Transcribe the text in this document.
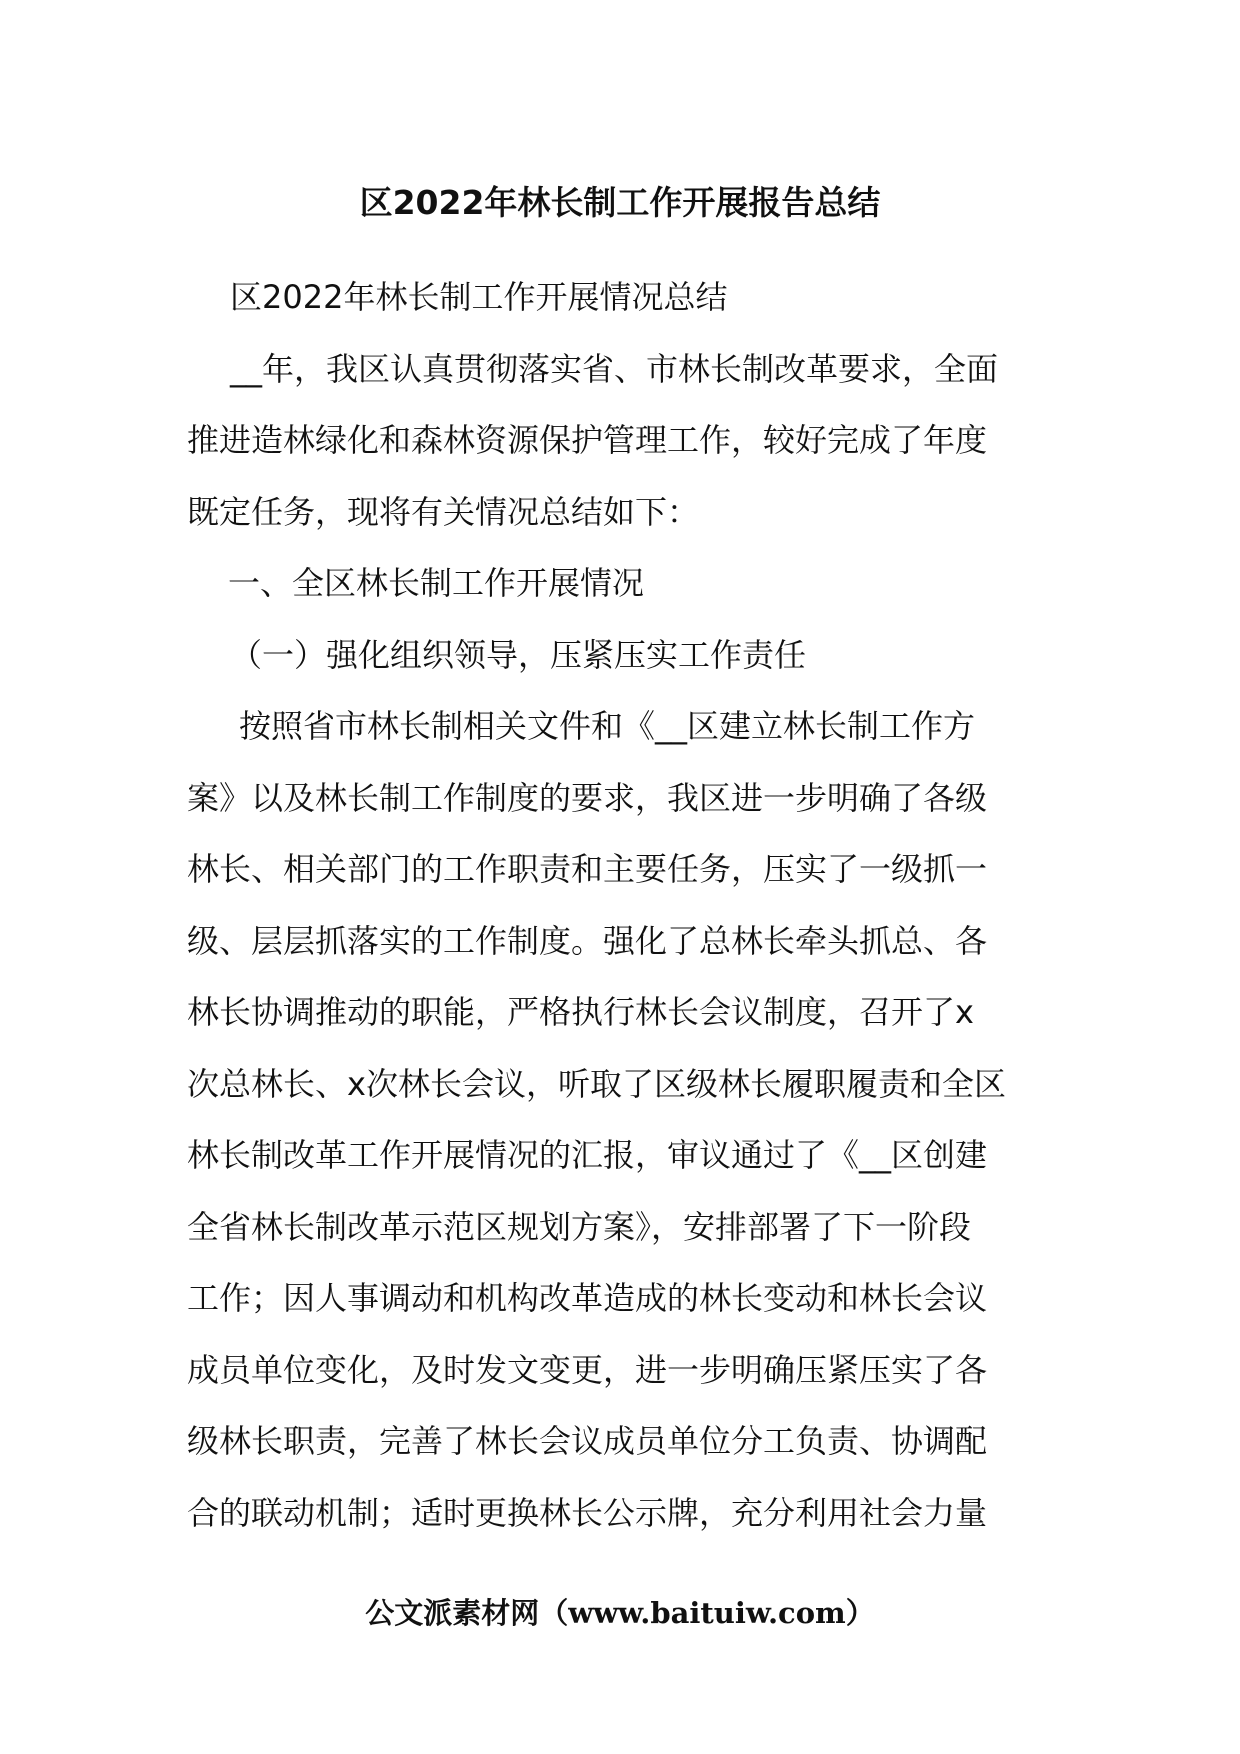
区2022年林长制工作开展报告总结
区2022年林长制工作开展情况总结
__年，我区认真贯彻落实省、市林长制改革要求，全面
推进造林绿化和森林资源保护管理工作，较好完成了年度
既定任务，现将有关情况总结如下：
一、全区林长制工作开展情况
（一）强化组织领导，压紧压实工作责任
按照省市林长制相关文件和《__区建立林长制工作方
案》以及林长制工作制度的要求，我区进一步明确了各级
林长、相关部门的工作职责和主要任务，压实了一级抓一
级、层层抓落实的工作制度。强化了总林长牵头抓总、各
林长协调推动的职能，严格执行林长会议制度，召开了x
次总林长、x次林长会议，听取了区级林长履职履责和全区
林长制改革工作开展情况的汇报，审议通过了《__区创建
全省林长制改革示范区规划方案》，安排部署了下一阶段
工作；因人事调动和机构改革造成的林长变动和林长会议
成员单位变化，及时发文变更，进一步明确压紧压实了各
级林长职责，完善了林长会议成员单位分工负责、协调配
合的联动机制；适时更换林长公示牌，充分利用社会力量
公文派素材网（www.baituiw.com）
